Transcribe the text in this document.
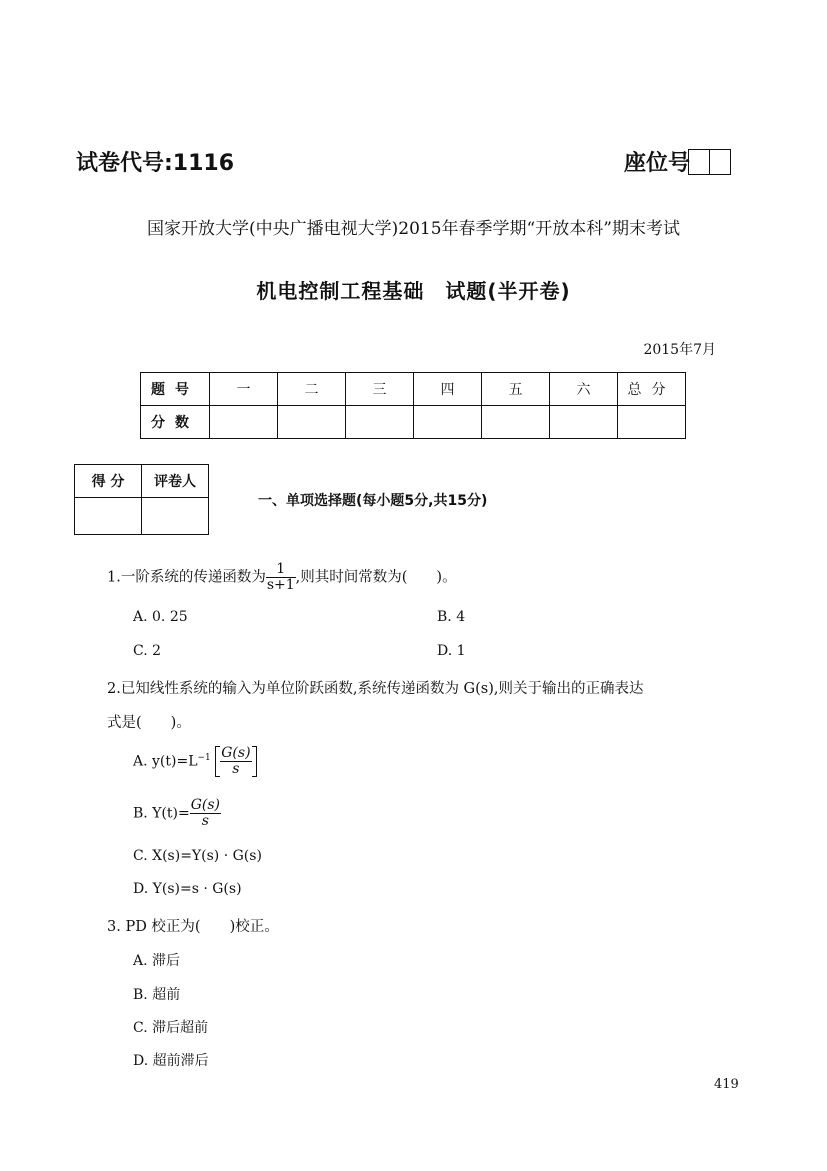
试卷代号:1116	座位号
国家开放大学(中央广播电视大学)2015年春季学期“开放本科”期末考试
机电控制工程基础　试题(半开卷)
2015年7月
题号	一	二	三	四	五	六	总分
分数							
得 分	评卷人

一、单项选择题(每小题5分,共15分)
1.一阶系统的传递函数为 $\frac{1}{s+1}$ ,则其时间常数为(　　)。
A. 0. 25	B. 4
C. 2	D. 1
2.已知线性系统的输入为单位阶跃函数,系统传递函数为 G(s),则关于输出的正确表达
式是(　　)。
A. $y(t)=L^{-1} \frac{G(s)}{s}$
B. $Y(t)= \frac{G(s)}{s}$
C. X(s)=Y(s) · G(s)
D. Y(s)=s · G(s)
3. PD 校正为(　　)校正。
A. 滞后
B. 超前
C. 滞后超前
D. 超前滞后
419
